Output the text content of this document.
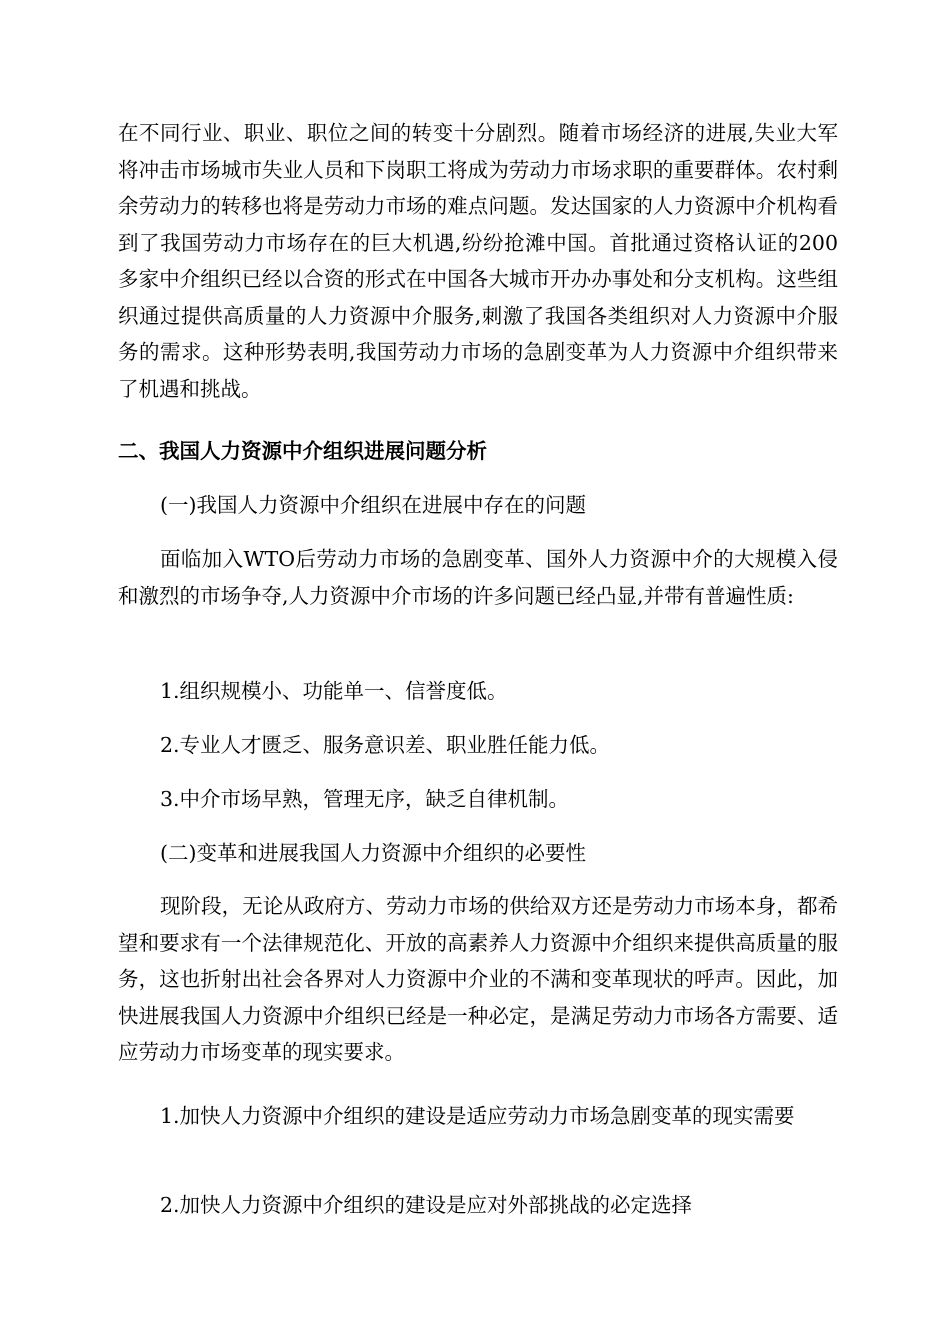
在不同行业、职业、职位之间的转变十分剧烈。随着市场经济的进展,失业大军将冲击市场城市失业人员和下岗职工将成为劳动力市场求职的重要群体。农村剩余劳动力的转移也将是劳动力市场的难点问题。发达国家的人力资源中介机构看到了我国劳动力市场存在的巨大机遇,纷纷抢滩中国。首批通过资格认证的200多家中介组织已经以合资的形式在中国各大城市开办办事处和分支机构。这些组织通过提供高质量的人力资源中介服务,刺激了我国各类组织对人力资源中介服务的需求。这种形势表明,我国劳动力市场的急剧变革为人力资源中介组织带来了机遇和挑战。

二、我国人力资源中介组织进展问题分析

(一)我国人力资源中介组织在进展中存在的问题

面临加入WTO后劳动力市场的急剧变革、国外人力资源中介的大规模入侵和激烈的市场争夺,人力资源中介市场的许多问题已经凸显,并带有普遍性质:

1.组织规模小、功能单一、信誉度低。

2.专业人才匮乏、服务意识差、职业胜任能力低。

3.中介市场早熟，管理无序，缺乏自律机制。

(二)变革和进展我国人力资源中介组织的必要性

现阶段，无论从政府方、劳动力市场的供给双方还是劳动力市场本身，都希望和要求有一个法律规范化、开放的高素养人力资源中介组织来提供高质量的服务，这也折射出社会各界对人力资源中介业的不满和变革现状的呼声。因此，加快进展我国人力资源中介组织已经是一种必定，是满足劳动力市场各方需要、适应劳动力市场变革的现实要求。

1.加快人力资源中介组织的建设是适应劳动力市场急剧变革的现实需要

2.加快人力资源中介组织的建设是应对外部挑战的必定选择
